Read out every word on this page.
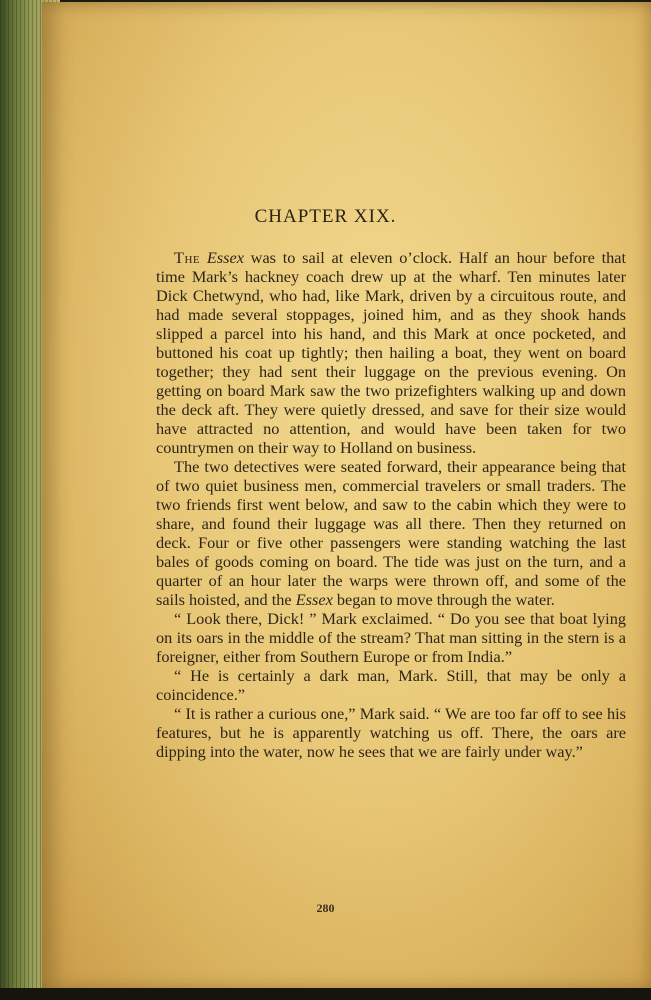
CHAPTER XIX.

The Essex was to sail at eleven o’clock. Half an hour before that time Mark’s hackney coach drew up at the wharf. Ten minutes later Dick Chetwynd, who had, like Mark, driven by a circuitous route, and had made several stoppages, joined him, and as they shook hands slipped a parcel into his hand, and this Mark at once pocketed, and buttoned his coat up tightly; then hailing a boat, they went on board together; they had sent their luggage on the previous evening. On getting on board Mark saw the two prizefighters walking up and down the deck aft. They were quietly dressed, and save for their size would have attracted no attention, and would have been taken for two countrymen on their way to Holland on business.

The two detectives were seated forward, their appearance being that of two quiet business men, commercial travelers or small traders. The two friends first went below, and saw to the cabin which they were to share, and found their luggage was all there. Then they returned on deck. Four or five other passengers were standing watching the last bales of goods coming on board. The tide was just on the turn, and a quarter of an hour later the warps were thrown off, and some of the sails hoisted, and the Essex began to move through the water.

“ Look there, Dick! ” Mark exclaimed. “ Do you see that boat lying on its oars in the middle of the stream? That man sitting in the stern is a foreigner, either from Southern Europe or from India.”

“ He is certainly a dark man, Mark. Still, that may be only a coincidence.”

“ It is rather a curious one,” Mark said. “ We are too far off to see his features, but he is apparently watching us off. There, the oars are dipping into the water, now he sees that we are fairly under way.”

280
